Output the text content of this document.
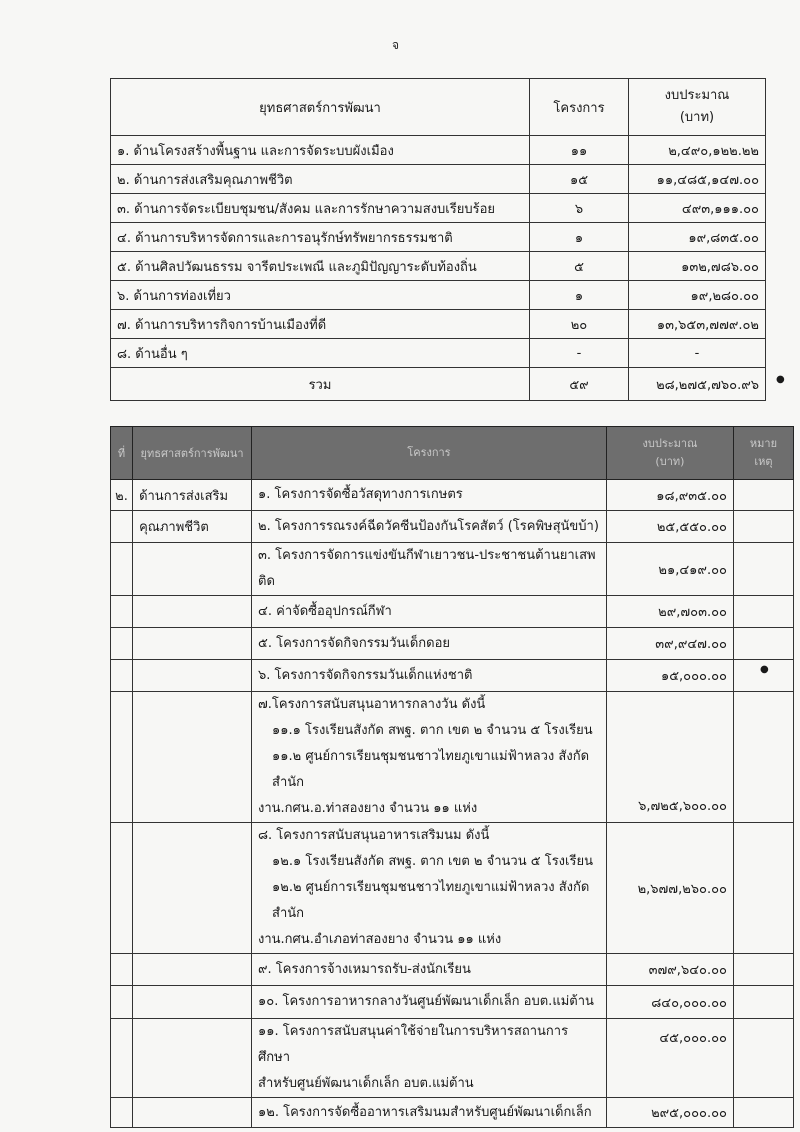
จ
ยุทธศาสตร์การพัฒนา	โครงการ	งบประมาณ
(บาท)
๑. ด้านโครงสร้างพื้นฐาน และการจัดระบบผังเมือง	๑๑	๒,๔๙๐,๑๒๒.๒๒
๒. ด้านการส่งเสริมคุณภาพชีวิต	๑๕	๑๑,๔๘๕,๑๔๗.๐๐
๓. ด้านการจัดระเบียบชุมชน/สังคม และการรักษาความสงบเรียบร้อย	๖	๔๙๓,๑๑๑.๐๐
๔. ด้านการบริหารจัดการและการอนุรักษ์ทรัพยากรธรรมชาติ	๑	๑๙,๘๓๕.๐๐
๕. ด้านศิลปวัฒนธรรม จารีตประเพณี และภูมิปัญญาระดับท้องถิ่น	๕	๑๓๒,๗๘๖.๐๐
๖. ด้านการท่องเที่ยว	๑	๑๙,๒๘๐.๐๐
๗. ด้านการบริหารกิจการบ้านเมืองที่ดี	๒๐	๑๓,๖๕๓,๗๗๙.๐๒
๘. ด้านอื่น ๆ	-	-
รวม	๕๙	๒๘,๒๗๕,๗๖๐.๙๖ ●
ที่	ยุทธศาสตร์การพัฒนา	โครงการ	งบประมาณ
(บาท)	หมาย
เหตุ
๒.	ด้านการส่งเสริม	๑. โครงการจัดซื้อวัสดุทางการเกษตร	๑๘,๙๓๕.๐๐	
	คุณภาพชีวิต	๒. โครงการรณรงค์ฉีดวัคซีนป้องกันโรคสัตว์ (โรคพิษสุนัขบ้า)	๒๕,๕๕๐.๐๐	
		๓. โครงการจัดการแข่งขันกีฬาเยาวชน-ประชาชนต้านยาเสพติด	๒๑,๔๑๙.๐๐	
		๔. ค่าจัดซื้ออุปกรณ์กีฬา	๒๙,๗๐๓.๐๐	
		๕. โครงการจัดกิจกรรมวันเด็กดอย	๓๙,๙๔๗.๐๐	
		๖. โครงการจัดกิจกรรมวันเด็กแห่งชาติ	๑๕,๐๐๐.๐๐	

		๗.โครงการสนับสนุนอาหารกลางวัน ดังนี้
๑๑.๑ โรงเรียนสังกัด สพฐ. ตาก เขต ๒ จำนวน ๕ โรงเรียน
๑๑.๒ ศูนย์การเรียนชุมชนชาวไทยภูเขาแม่ฟ้าหลวง สังกัด สำนัก
งาน.กศน.อ.ท่าสองยาง จำนวน ๑๑ แห่ง	๖,๗๒๕,๖๐๐.๐๐	

		๘. โครงการสนับสนุนอาหารเสริมนม ดังนี้
๑๒.๑ โรงเรียนสังกัด สพฐ. ตาก เขต ๒ จำนวน ๕ โรงเรียน
๑๒.๒ ศูนย์การเรียนชุมชนชาวไทยภูเขาแม่ฟ้าหลวง สังกัด สำนัก
งาน.กศน.อำเภอท่าสองยาง จำนวน ๑๑ แห่ง	๒,๖๗๗,๒๖๐.๐๐	
		๙. โครงการจ้างเหมารถรับ-ส่งนักเรียน	๓๗๙,๖๔๐.๐๐	
		๑๐. โครงการอาหารกลางวันศูนย์พัฒนาเด็กเล็ก อบต.แม่ต้าน	๘๔๐,๐๐๐.๐๐	

		๑๑. โครงการสนับสนุนค่าใช้จ่ายในการบริหารสถานการศึกษา
สำหรับศูนย์พัฒนาเด็กเล็ก อบต.แม่ต้าน	๔๕,๐๐๐.๐๐	
		๑๒. โครงการจัดซื้ออาหารเสริมนมสำหรับศูนย์พัฒนาเด็กเล็ก	๒๙๕,๐๐๐.๐๐	
●
